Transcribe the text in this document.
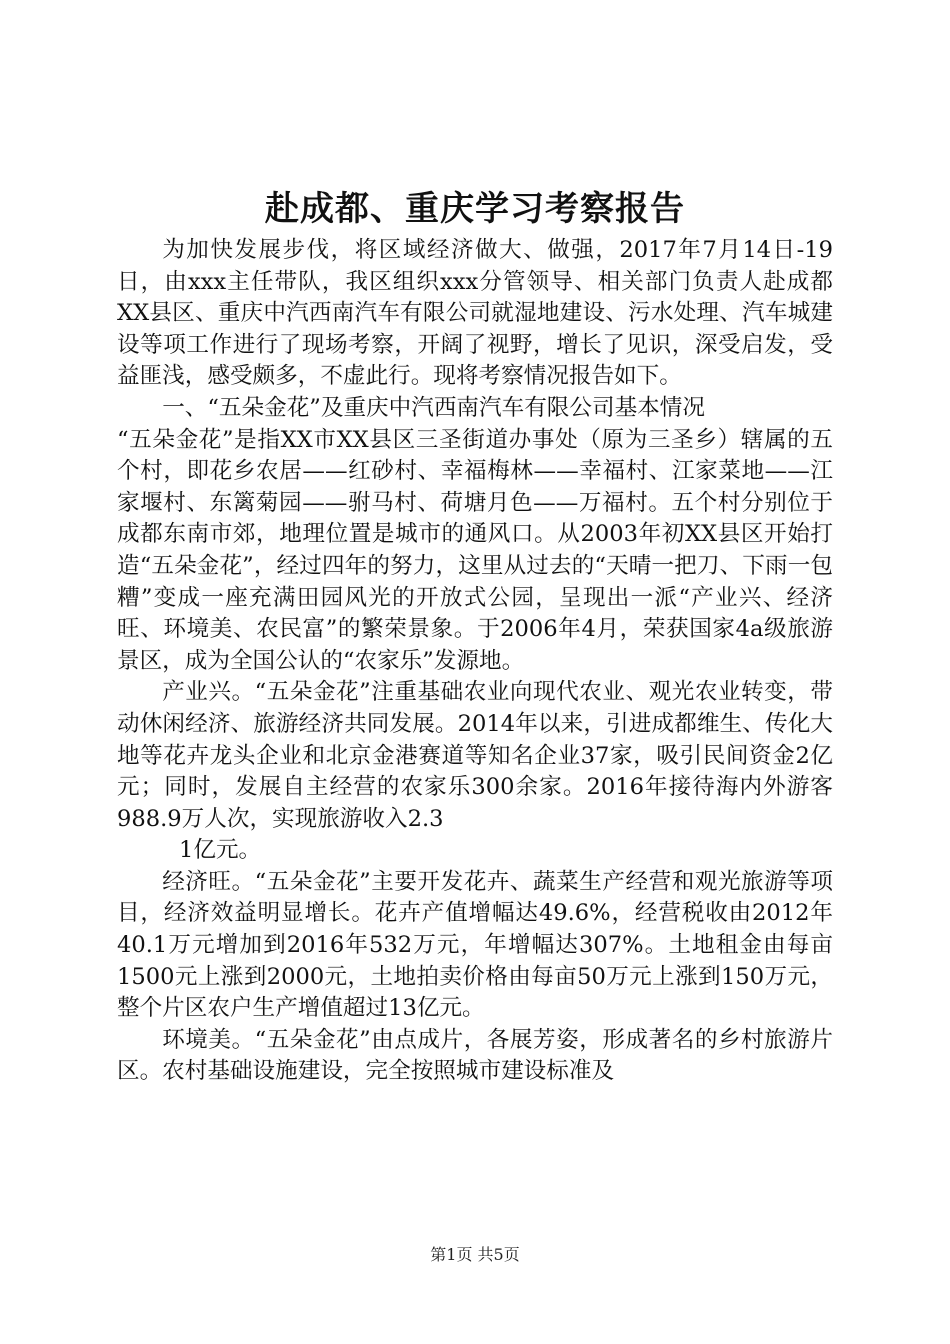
赴成都、重庆学习考察报告

为加快发展步伐，将区域经济做大、做强，2017年7月14日-19日，由xxx主任带队，我区组织xxx分管领导、相关部门负责人赴成都XX县区、重庆中汽西南汽车有限公司就湿地建设、污水处理、汽车城建设等项工作进行了现场考察，开阔了视野，增长了见识，深受启发，受益匪浅，感受颇多，不虚此行。现将考察情况报告如下。

一、“五朵金花”及重庆中汽西南汽车有限公司基本情况

“五朵金花”是指XX市XX县区三圣街道办事处（原为三圣乡）辖属的五个村，即花乡农居——红砂村、幸福梅林——幸福村、江家菜地——江家堰村、东篱菊园——驸马村、荷塘月色——万福村。五个村分别位于成都东南市郊，地理位置是城市的通风口。从2003年初XX县区开始打造“五朵金花”，经过四年的努力，这里从过去的“天晴一把刀、下雨一包糟”变成一座充满田园风光的开放式公园，呈现出一派“产业兴、经济旺、环境美、农民富”的繁荣景象。于2006年4月，荣获国家4a级旅游景区，成为全国公认的“农家乐”发源地。

产业兴。“五朵金花”注重基础农业向现代农业、观光农业转变，带动休闲经济、旅游经济共同发展。2014年以来，引进成都维生、传化大地等花卉龙头企业和北京金港赛道等知名企业37家，吸引民间资金2亿元；同时，发展自主经营的农家乐300余家。2016年接待海内外游客988.9万人次，实现旅游收入2.3

1亿元。

经济旺。“五朵金花”主要开发花卉、蔬菜生产经营和观光旅游等项目，经济效益明显增长。花卉产值增幅达49.6%，经营税收由2012年40.1万元增加到2016年532万元，年增幅达307%。土地租金由每亩1500元上涨到2000元，土地拍卖价格由每亩50万元上涨到150万元，整个片区农户生产增值超过13亿元。

环境美。“五朵金花”由点成片，各展芳姿，形成著名的乡村旅游片区。农村基础设施建设，完全按照城市建设标准及

第1页 共5页
